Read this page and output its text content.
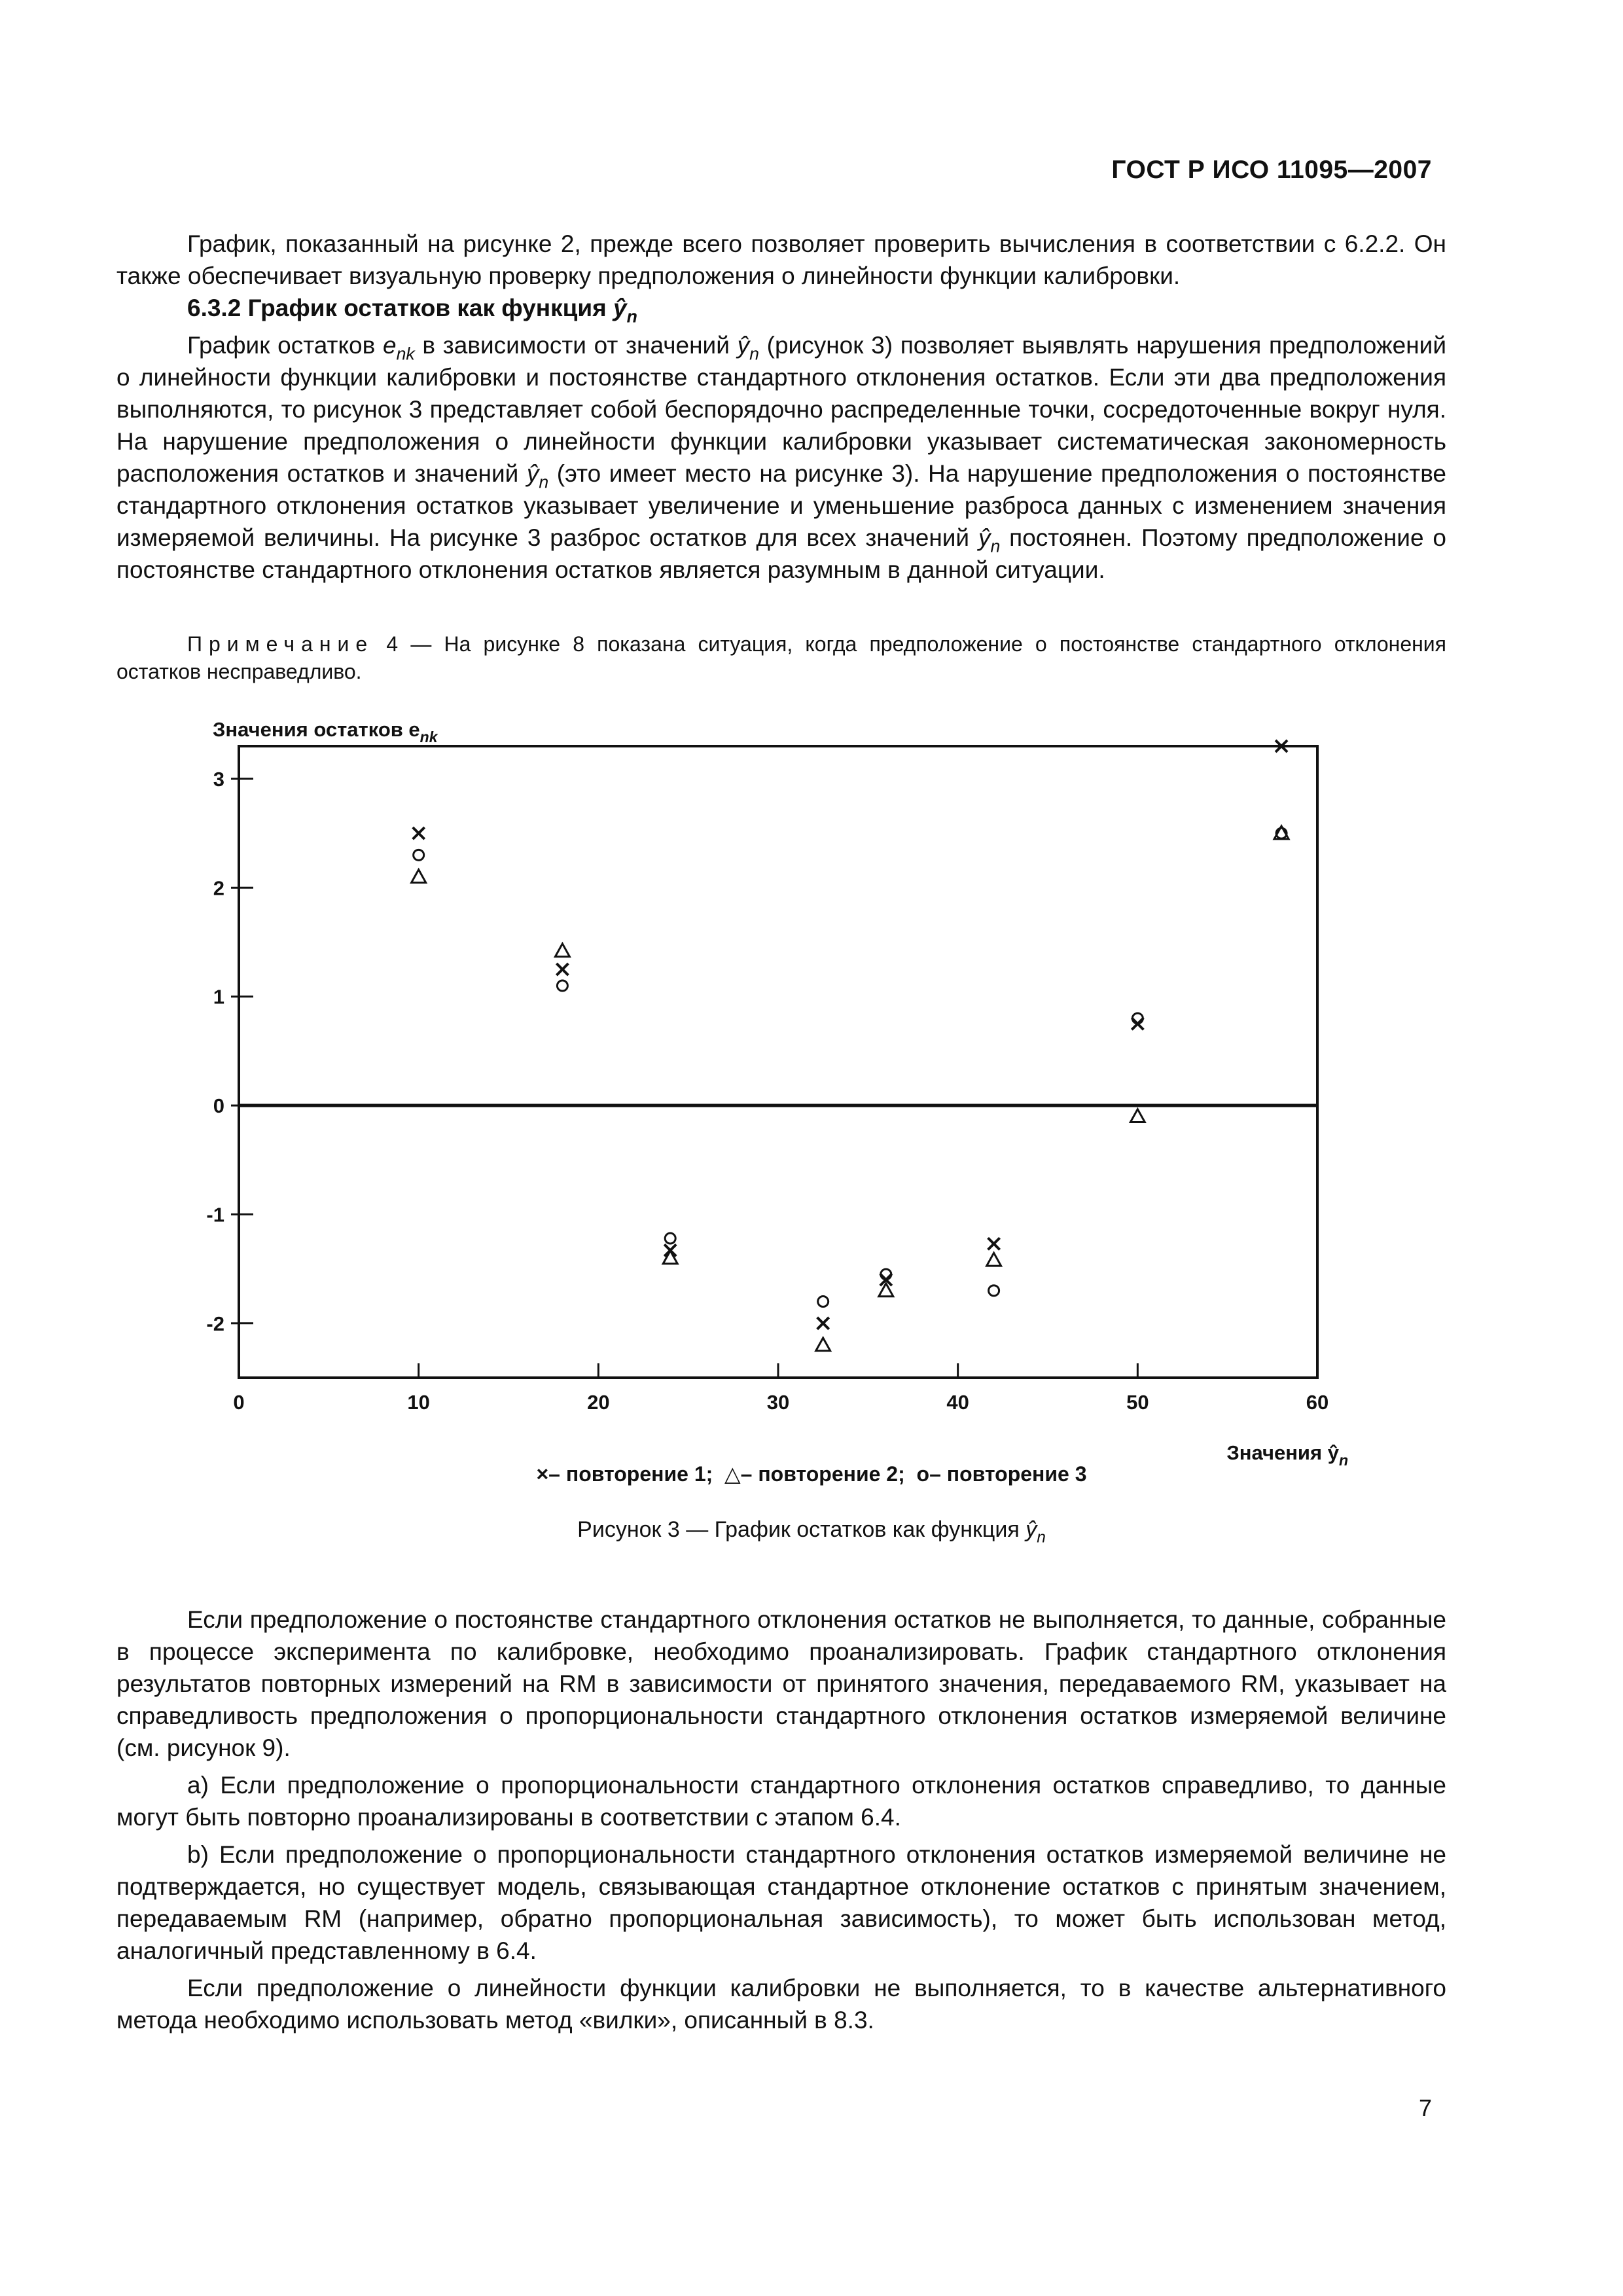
ГОСТ Р ИСО 11095—2007

График, показанный на рисунке 2, прежде всего позволяет проверить вычисления в соответствии с 6.2.2. Он также обеспечивает визуальную проверку предположения о линейности функции калибровки.

6.3.2 График остатков как функция $ŷ_n$

График остатков $e_{nk}$ в зависимости от значений $ŷ_n$ (рисунок 3) позволяет выявлять нарушения предположений о линейности функции калибровки и постоянстве стандартного отклонения остатков. Если эти два предположения выполняются, то рисунок 3 представляет собой беспорядочно распределенные точки, сосредоточенные вокруг нуля. На нарушение предположения о линейности функции калибровки указывает систематическая закономерность расположения остатков и значений $ŷ_n$ (это имеет место на рисунке 3). На нарушение предположения о постоянстве стандартного отклонения остатков указывает увеличение и уменьшение разброса данных с изменением значения измеряемой величины. На рисунке 3 разброс остатков для всех значений $ŷ_n$ постоянен. Поэтому предположение о постоянстве стандартного отклонения остатков является разумным в данной ситуации.

Примечание 4 — На рисунке 8 показана ситуация, когда предположение о постоянстве стандартного отклонения остатков несправедливо.

Значения остатков $e_{nk}$
Значения $ŷ_n$
0	10	20	30	40	50	60
3
2
1
0
-1
-2
×– повторение 1; △– повторение 2; о– повторение 3
Рисунок 3 — График остатков как функция $ŷ_n$

Если предположение о постоянстве стандартного отклонения остатков не выполняется, то данные, собранные в процессе эксперимента по калибровке, необходимо проанализировать. График стандартного отклонения результатов повторных измерений на RM в зависимости от принятого значения, передаваемого RM, указывает на справедливость предположения о пропорциональности стандартного отклонения остатков измеряемой величине (см. рисунок 9).

a) Если предположение о пропорциональности стандартного отклонения остатков справедливо, то данные могут быть повторно проанализированы в соответствии с этапом 6.4.

b) Если предположение о пропорциональности стандартного отклонения остатков измеряемой величине не подтверждается, но существует модель, связывающая стандартное отклонение остатков с принятым значением, передаваемым RM (например, обратно пропорциональная зависимость), то может быть использован метод, аналогичный представленному в 6.4.

Если предположение о линейности функции калибровки не выполняется, то в качестве альтернативного метода необходимо использовать метод «вилки», описанный в 8.3.

7
